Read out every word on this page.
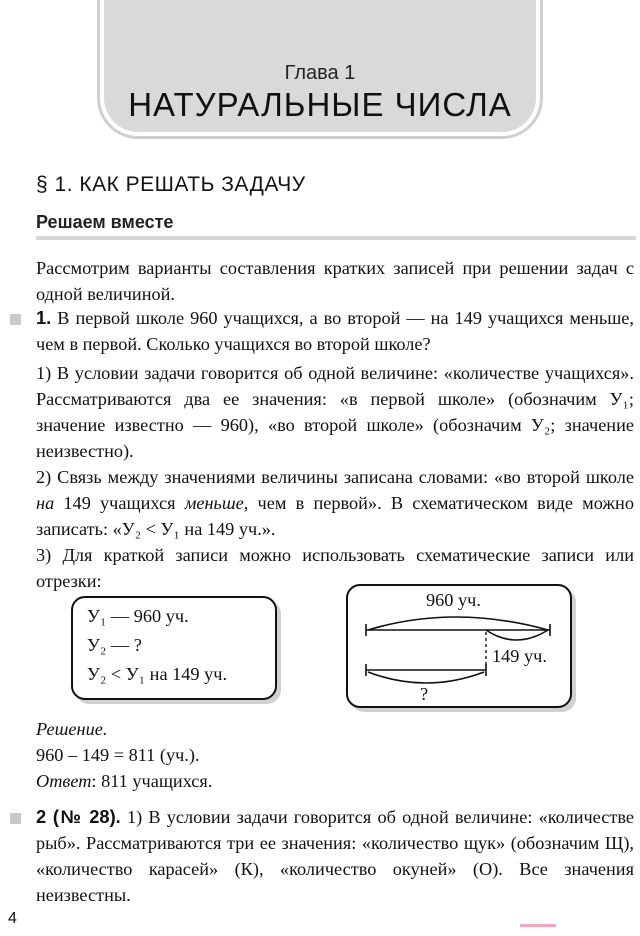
Глава 1
НАТУРАЛЬНЫЕ ЧИСЛА
§ 1. КАК РЕШАТЬ ЗАДАЧУ
Решаем вместе
Рассмотрим варианты составления кратких записей при решении задач с одной величиной.
1. В первой школе 960 учащихся, а во второй — на 149 учащихся меньше, чем в первой. Сколько учащихся во второй школе?
1) В условии задачи говорится об одной величине: «количестве учащихся». Рассматриваются два ее значения: «в первой школе» (обозначим У₁; значение известно — 960), «во второй школе» (обозначим У₂; значение неизвестно).
2) Связь между значениями величины записана словами: «во второй школе на 149 учащихся меньше, чем в первой». В схематическом виде можно записать: «У₂ < У₁ на 149 уч.».
3) Для краткой записи можно использовать схематические записи или отрезки:
У₁ — 960 уч.
У₂ — ?
У₂ < У₁ на 149 уч.
960 уч.
149 уч.
?
Решение.
960 – 149 = 811 (уч.).
Ответ: 811 учащихся.
2 (№ 28). 1) В условии задачи говорится об одной величине: «количестве рыб». Рассматриваются три ее значения: «количество щук» (обозначим Щ), «количество карасей» (К), «количество окуней» (О). Все значения неизвестны.
4
